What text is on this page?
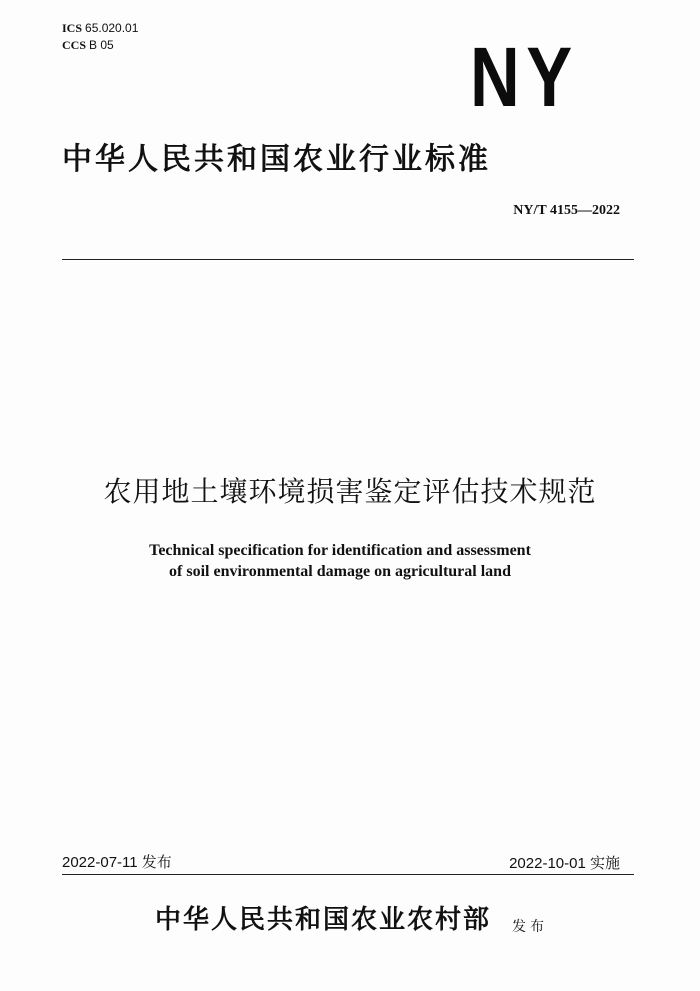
ICS 65.020.01
CCS B 05	NY
中华人民共和国农业行业标准
NY/T 4155—2022
农用地土壤环境损害鉴定评估技术规范
Technical specification for identification and assessment
of soil environmental damage on agricultural land
2022-07-11 发布	2022-10-01 实施
中华人民共和国农业农村部 发布
